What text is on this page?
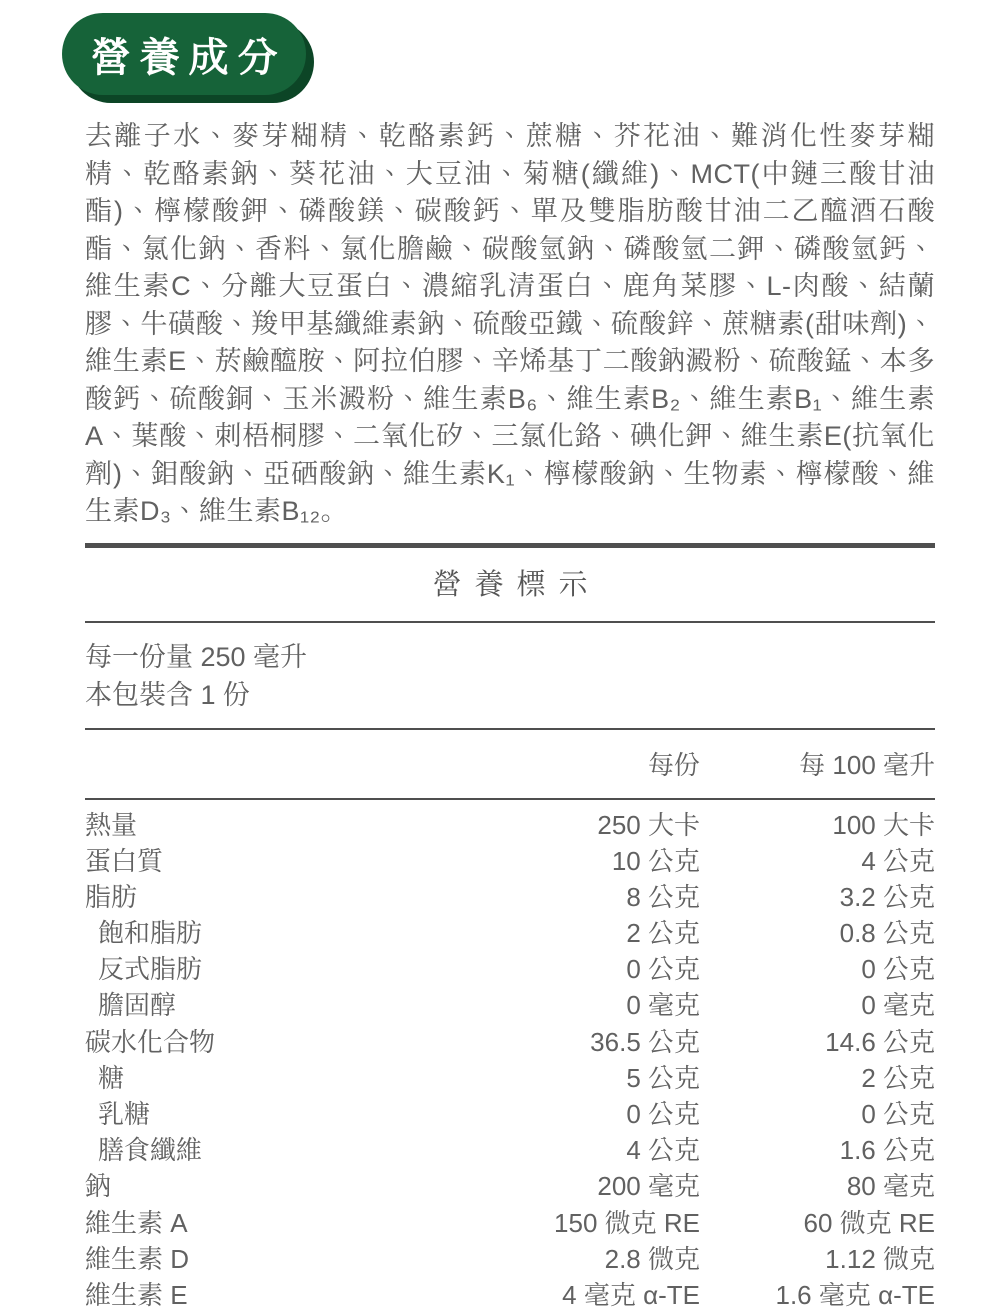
營養成分

去離子水、麥芽糊精、乾酪素鈣、蔗糖、芥花油、難消化性麥芽糊精、乾酪素鈉、葵花油、大豆油、菊糖(纖維)、MCT(中鏈三酸甘油酯)、檸檬酸鉀、磷酸鎂、碳酸鈣、單及雙脂肪酸甘油二乙醯酒石酸酯、氯化鈉、香料、氯化膽鹼、碳酸氫鈉、磷酸氫二鉀、磷酸氫鈣、維生素C、分離大豆蛋白、濃縮乳清蛋白、鹿角菜膠、L-肉酸、結蘭膠、牛磺酸、羧甲基纖維素鈉、硫酸亞鐵、硫酸鋅、蔗糖素(甜味劑)、維生素E、菸鹼醯胺、阿拉伯膠、辛烯基丁二酸鈉澱粉、硫酸錳、本多酸鈣、硫酸銅、玉米澱粉、維生素B₆、維生素B₂、維生素B₁、維生素A、葉酸、刺梧桐膠、二氧化矽、三氯化鉻、碘化鉀、維生素E(抗氧化劑)、鉬酸鈉、亞硒酸鈉、維生素K₁、檸檬酸鈉、生物素、檸檬酸、維生素D₃、維生素B₁₂。

營養標示
每一份量 250 毫升
本包裝含 1 份
每份	每 100 毫升
熱量	250 大卡	100 大卡
蛋白質	10 公克	4 公克
脂肪	8 公克	3.2 公克
飽和脂肪	2 公克	0.8 公克
反式脂肪	0 公克	0 公克
膽固醇	0 毫克	0 毫克
碳水化合物	36.5 公克	14.6 公克
糖	5 公克	2 公克
乳糖	0 公克	0 公克
膳食纖維	4 公克	1.6 公克
鈉	200 毫克	80 毫克
維生素 A	150 微克 RE	60 微克 RE
維生素 D	2.8 微克	1.12 微克
維生素 E	4 毫克 α-TE	1.6 毫克 α-TE
